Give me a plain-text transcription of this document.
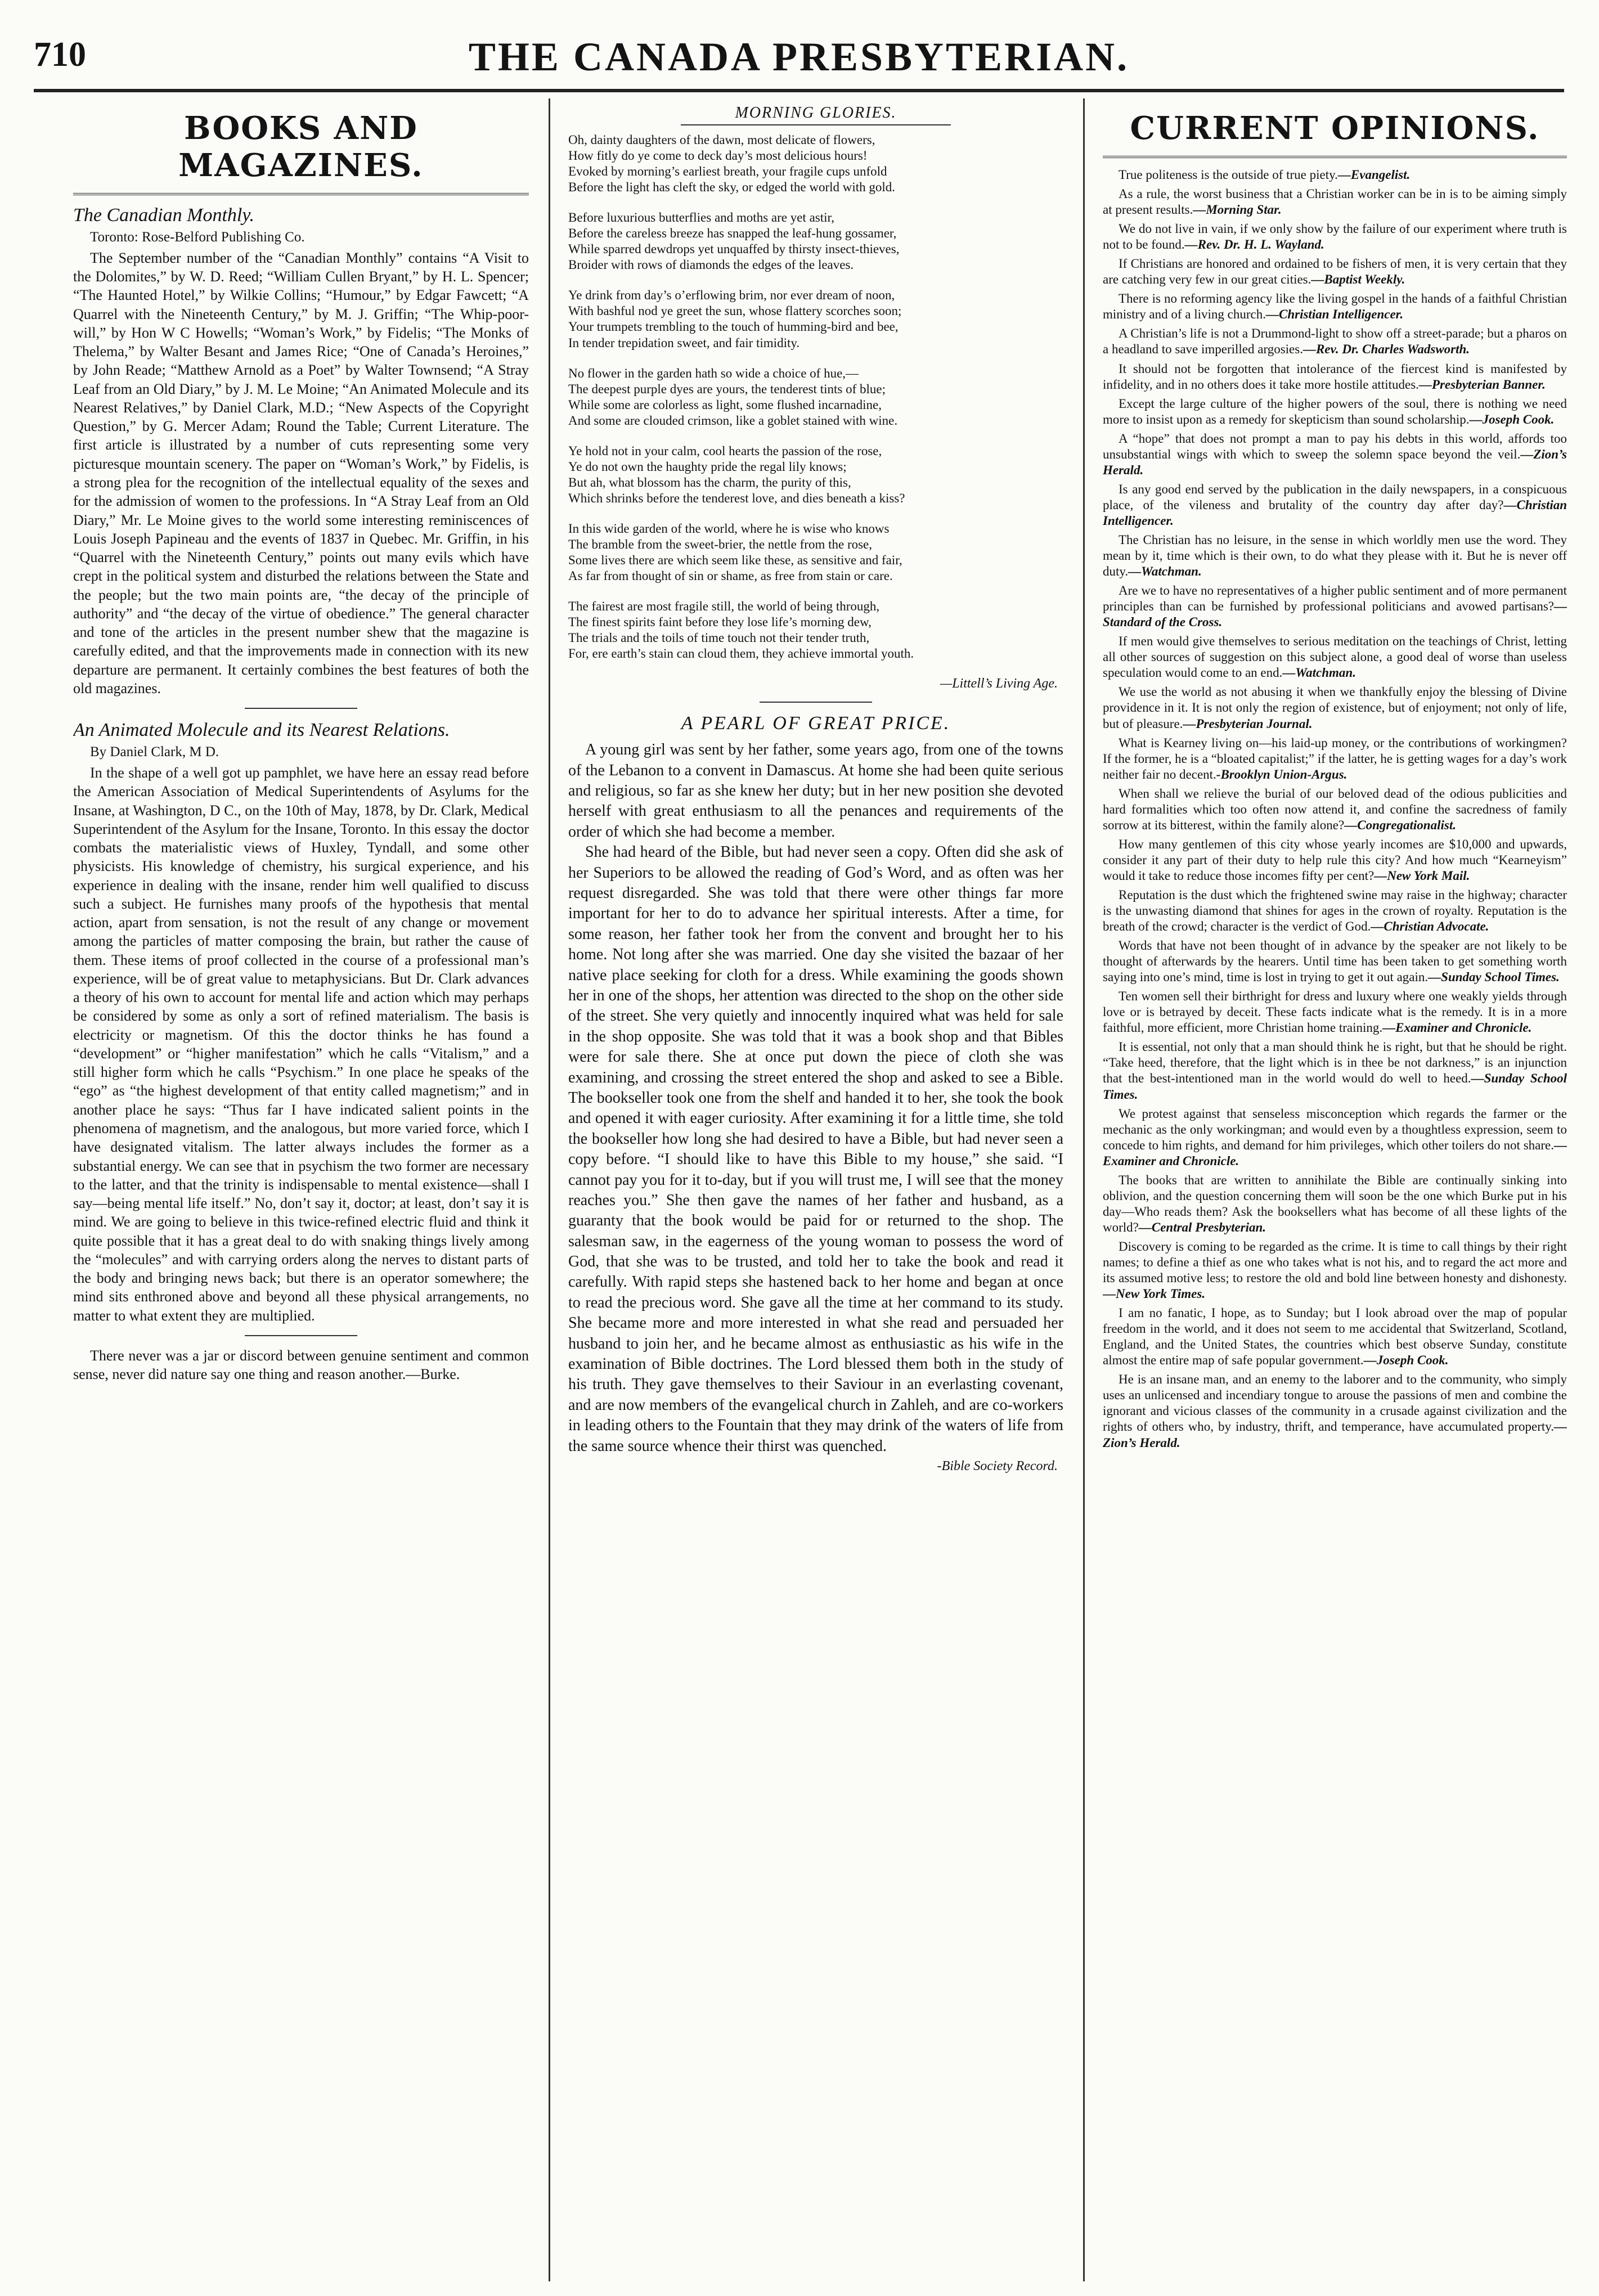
710	THE CANADA PRESBYTERIAN.
BOOKS AND MAGAZINES.
The Canadian Monthly.
Toronto: Rose-Belford Publishing Co.

The September number of the “Canadian Monthly” contains “A Visit to the Dolomites,” by W. D. Reed; “William Cullen Bryant,” by H. L. Spencer; “The Haunted Hotel,” by Wilkie Collins; “Humour,” by Edgar Fawcett; “A Quarrel with the Nineteenth Century,” by M. J. Griffin; “The Whip-poor-will,” by Hon W C Howells; “Woman’s Work,” by Fidelis; “The Monks of Thelema,” by Walter Besant and James Rice; “One of Canada’s Heroines,” by John Reade; “Matthew Arnold as a Poet” by Walter Townsend; “A Stray Leaf from an Old Diary,” by J. M. Le Moine; “An Animated Molecule and its Nearest Relatives,” by Daniel Clark, M.D.; “New Aspects of the Copyright Question,” by G. Mercer Adam; Round the Table; Current Literature. The first article is illustrated by a number of cuts representing some very picturesque mountain scenery. The paper on “Woman’s Work,” by Fidelis, is a strong plea for the recognition of the intellectual equality of the sexes and for the admission of women to the professions. In “A Stray Leaf from an Old Diary,” Mr. Le Moine gives to the world some interesting reminiscences of Louis Joseph Papineau and the events of 1837 in Quebec. Mr. Griffin, in his “Quarrel with the Nineteenth Century,” points out many evils which have crept in the political system and disturbed the relations between the State and the people; but the two main points are, “the decay of the principle of authority” and “the decay of the virtue of obedience.” The general character and tone of the articles in the present number shew that the magazine is carefully edited, and that the improvements made in connection with its new departure are permanent. It certainly combines the best features of both the old magazines.

An Animated Molecule and its Nearest Relations.
By Daniel Clark, M D.

In the shape of a well got up pamphlet, we have here an essay read before the American Association of Medical Superintendents of Asylums for the Insane, at Washington, D C., on the 10th of May, 1878, by Dr. Clark, Medical Superintendent of the Asylum for the Insane, Toronto. In this essay the doctor combats the materialistic views of Huxley, Tyndall, and some other physicists. His knowledge of chemistry, his surgical experience, and his experience in dealing with the insane, render him well qualified to discuss such a subject. He furnishes many proofs of the hypothesis that mental action, apart from sensation, is not the result of any change or movement among the particles of matter composing the brain, but rather the cause of them. These items of proof collected in the course of a professional man’s experience, will be of great value to metaphysicians. But Dr. Clark advances a theory of his own to account for mental life and action which may perhaps be considered by some as only a sort of refined materialism. The basis is electricity or magnetism. Of this the doctor thinks he has found a “development” or “higher manifestation” which he calls “Vitalism,” and a still higher form which he calls “Psychism.” In one place he speaks of the “ego” as “the highest development of that entity called magnetism;” and in another place he says: “Thus far I have indicated salient points in the phenomena of magnetism, and the analogous, but more varied force, which I have designated vitalism. The latter always includes the former as a substantial energy. We can see that in psychism the two former are necessary to the latter, and that the trinity is indispensable to mental existence—shall I say—being mental life itself.” No, don’t say it, doctor; at least, don’t say it is mind. We are going to believe in this twice-refined electric fluid and think it quite possible that it has a great deal to do with snaking things lively among the “molecules” and with carrying orders along the nerves to distant parts of the body and bringing news back; but there is an operator somewhere; the mind sits enthroned above and beyond all these physical arrangements, no matter to what extent they are multiplied.

There never was a jar or discord between genuine sentiment and common sense, never did nature say one thing and reason another.—Burke.

MORNING GLORIES.
Oh, dainty daughters of the dawn, most delicate of flowers,
How fitly do ye come to deck day’s most delicious hours!
Evoked by morning’s earliest breath, your fragile cups unfold
Before the light has cleft the sky, or edged the world with gold.
Before luxurious butterflies and moths are yet astir,
Before the careless breeze has snapped the leaf-hung gossamer,
While sparred dewdrops yet unquaffed by thirsty insect-thieves,
Broider with rows of diamonds the edges of the leaves.
Ye drink from day’s o’erflowing brim, nor ever dream of noon,
With bashful nod ye greet the sun, whose flattery scorches soon;
Your trumpets trembling to the touch of humming-bird and bee,
In tender trepidation sweet, and fair timidity.
No flower in the garden hath so wide a choice of hue,—
The deepest purple dyes are yours, the tenderest tints of blue;
While some are colorless as light, some flushed incarnadine,
And some are clouded crimson, like a goblet stained with wine.
Ye hold not in your calm, cool hearts the passion of the rose,
Ye do not own the haughty pride the regal lily knows;
But ah, what blossom has the charm, the purity of this,
Which shrinks before the tenderest love, and dies beneath a kiss?
In this wide garden of the world, where he is wise who knows
The bramble from the sweet-brier, the nettle from the rose,
Some lives there are which seem like these, as sensitive and fair,
As far from thought of sin or shame, as free from stain or care.
The fairest are most fragile still, the world of being through,
The finest spirits faint before they lose life’s morning dew,
The trials and the toils of time touch not their tender truth,
For, ere earth’s stain can cloud them, they achieve immortal youth.
—Littell’s Living Age.
A PEARL OF GREAT PRICE.

A young girl was sent by her father, some years ago, from one of the towns of the Lebanon to a convent in Damascus. At home she had been quite serious and religious, so far as she knew her duty; but in her new position she devoted herself with great enthusiasm to all the penances and requirements of the order of which she had become a member.

She had heard of the Bible, but had never seen a copy. Often did she ask of her Superiors to be allowed the reading of God’s Word, and as often was her request disregarded. She was told that there were other things far more important for her to do to advance her spiritual interests. After a time, for some reason, her father took her from the convent and brought her to his home. Not long after she was married. One day she visited the bazaar of her native place seeking for cloth for a dress. While examining the goods shown her in one of the shops, her attention was directed to the shop on the other side of the street. She very quietly and innocently inquired what was held for sale in the shop opposite. She was told that it was a book shop and that Bibles were for sale there. She at once put down the piece of cloth she was examining, and crossing the street entered the shop and asked to see a Bible. The bookseller took one from the shelf and handed it to her, she took the book and opened it with eager curiosity. After examining it for a little time, she told the bookseller how long she had desired to have a Bible, but had never seen a copy before. “I should like to have this Bible to my house,” she said. “I cannot pay you for it to-day, but if you will trust me, I will see that the money reaches you.” She then gave the names of her father and husband, as a guaranty that the book would be paid for or returned to the shop. The salesman saw, in the eagerness of the young woman to possess the word of God, that she was to be trusted, and told her to take the book and read it carefully. With rapid steps she hastened back to her home and began at once to read the precious word. She gave all the time at her command to its study. She became more and more interested in what she read and persuaded her husband to join her, and he became almost as enthusiastic as his wife in the examination of Bible doctrines. The Lord blessed them both in the study of his truth. They gave themselves to their Saviour in an everlasting covenant, and are now members of the evangelical church in Zahleh, and are co-workers in leading others to the Fountain that they may drink of the waters of life from the same source whence their thirst was quenched.

-Bible Society Record.
CURRENT OPINIONS.

True politeness is the outside of true piety.—Evangelist.

As a rule, the worst business that a Christian worker can be in is to be aiming simply at present results.—Morning Star.

We do not live in vain, if we only show by the failure of our experiment where truth is not to be found.—Rev. Dr. H. L. Wayland.

If Christians are honored and ordained to be fishers of men, it is very certain that they are catching very few in our great cities.—Baptist Weekly.

There is no reforming agency like the living gospel in the hands of a faithful Christian ministry and of a living church.—Christian Intelligencer.

A Christian’s life is not a Drummond-light to show off a street-parade; but a pharos on a headland to save imperilled argosies.—Rev. Dr. Charles Wadsworth.

It should not be forgotten that intolerance of the fiercest kind is manifested by infidelity, and in no others does it take more hostile attitudes.—Presbyterian Banner.

Except the large culture of the higher powers of the soul, there is nothing we need more to insist upon as a remedy for skepticism than sound scholarship.—Joseph Cook.

A “hope” that does not prompt a man to pay his debts in this world, affords too unsubstantial wings with which to sweep the solemn space beyond the veil.—Zion’s Herald.

Is any good end served by the publication in the daily newspapers, in a conspicuous place, of the vileness and brutality of the country day after day?—Christian Intelligencer.

The Christian has no leisure, in the sense in which worldly men use the word. They mean by it, time which is their own, to do what they please with it. But he is never off duty.—Watchman.

Are we to have no representatives of a higher public sentiment and of more permanent principles than can be furnished by professional politicians and avowed partisans?—Standard of the Cross.

If men would give themselves to serious meditation on the teachings of Christ, letting all other sources of suggestion on this subject alone, a good deal of worse than useless speculation would come to an end.—Watchman.

We use the world as not abusing it when we thankfully enjoy the blessing of Divine providence in it. It is not only the region of existence, but of enjoyment; not only of life, but of pleasure.—Presbyterian Journal.

What is Kearney living on—his laid-up money, or the contributions of workingmen? If the former, he is a “bloated capitalist;” if the latter, he is getting wages for a day’s work neither fair no decent.-Brooklyn Union-Argus.

When shall we relieve the burial of our beloved dead of the odious publicities and hard formalities which too often now attend it, and confine the sacredness of family sorrow at its bitterest, within the family alone?—Congregationalist.

How many gentlemen of this city whose yearly incomes are $10,000 and upwards, consider it any part of their duty to help rule this city? And how much “Kearneyism” would it take to reduce those incomes fifty per cent?—New York Mail.

Reputation is the dust which the frightened swine may raise in the highway; character is the unwasting diamond that shines for ages in the crown of royalty. Reputation is the breath of the crowd; character is the verdict of God.—Christian Advocate.

Words that have not been thought of in advance by the speaker are not likely to be thought of afterwards by the hearers. Until time has been taken to get something worth saying into one’s mind, time is lost in trying to get it out again.—Sunday School Times.

Ten women sell their birthright for dress and luxury where one weakly yields through love or is betrayed by deceit. These facts indicate what is the remedy. It is in a more faithful, more efficient, more Christian home training.—Examiner and Chronicle.

It is essential, not only that a man should think he is right, but that he should be right. “Take heed, therefore, that the light which is in thee be not darkness,” is an injunction that the best-intentioned man in the world would do well to heed.—Sunday School Times.

We protest against that senseless misconception which regards the farmer or the mechanic as the only workingman; and would even by a thoughtless expression, seem to concede to him rights, and demand for him privileges, which other toilers do not share.—Examiner and Chronicle.

The books that are written to annihilate the Bible are continually sinking into oblivion, and the question concerning them will soon be the one which Burke put in his day—Who reads them? Ask the booksellers what has become of all these lights of the world?—Central Presbyterian.

Discovery is coming to be regarded as the crime. It is time to call things by their right names; to define a thief as one who takes what is not his, and to regard the act more and its assumed motive less; to restore the old and bold line between honesty and dishonesty.—New York Times.

I am no fanatic, I hope, as to Sunday; but I look abroad over the map of popular freedom in the world, and it does not seem to me accidental that Switzerland, Scotland, England, and the United States, the countries which best observe Sunday, constitute almost the entire map of safe popular government.—Joseph Cook.

He is an insane man, and an enemy to the laborer and to the community, who simply uses an unlicensed and incendiary tongue to arouse the passions of men and combine the ignorant and vicious classes of the community in a crusade against civilization and the rights of others who, by industry, thrift, and temperance, have accumulated property.—Zion’s Herald.
